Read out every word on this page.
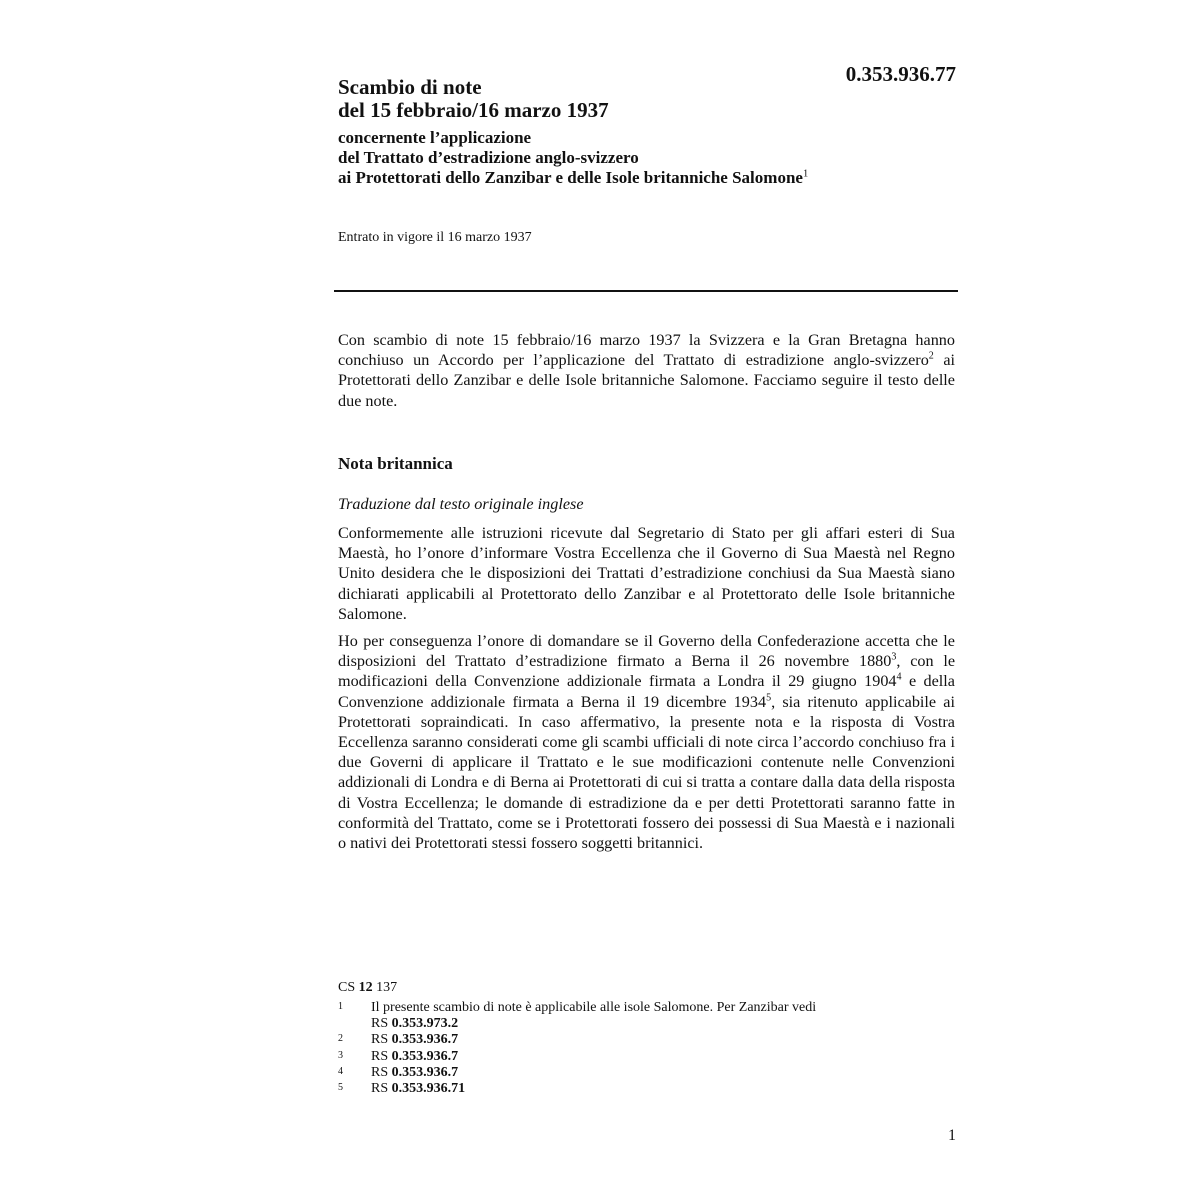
0.353.936.77
Scambio di note
del 15 febbraio/16 marzo 1937
concernente l’applicazione
del Trattato d’estradizione anglo-svizzero
ai Protettorati dello Zanzibar e delle Isole britanniche Salomone$^1$
Entrato in vigore il 16 marzo 1937

Con scambio di note 15 febbraio/16 marzo 1937 la Svizzera e la Gran Bretagna hanno conchiuso un Accordo per l’applicazione del Trattato di estradizione anglo-svizzero$^2$ ai Protettorati dello Zanzibar e delle Isole britanniche Salomone. Facciamo seguire il testo delle due note.

Nota britannica
Traduzione dal testo originale inglese

Conformemente alle istruzioni ricevute dal Segretario di Stato per gli affari esteri di Sua Maestà, ho l’onore d’informare Vostra Eccellenza che il Governo di Sua Maestà nel Regno Unito desidera che le disposizioni dei Trattati d’estradizione conchiusi da Sua Maestà siano dichiarati applicabili al Protettorato dello Zanzibar e al Protettorato delle Isole britanniche Salomone.

Ho per conseguenza l’onore di domandare se il Governo della Confederazione accetta che le disposizioni del Trattato d’estradizione firmato a Berna il 26 novembre 1880$^3$, con le modificazioni della Convenzione addizionale firmata a Londra il 29 giugno 1904$^4$ e della Convenzione addizionale firmata a Berna il 19 dicembre 1934$^5$, sia ritenuto applicabile ai Protettorati sopraindicati. In caso affermativo, la presente nota e la risposta di Vostra Eccellenza saranno considerati come gli scambi ufficiali di note circa l’accordo conchiuso fra i due Governi di applicare il Trattato e le sue modificazioni contenute nelle Convenzioni addizionali di Londra e di Berna ai Protettorati di cui si tratta a contare dalla data della risposta di Vostra Eccellenza; le domande di estradizione da e per detti Protettorati saranno fatte in conformità del Trattato, come se i Protettorati fossero dei possessi di Sua Maestà e i nazionali o nativi dei Protettorati stessi fossero soggetti britannici.

CS 12 137
1	Il presente scambio di note è applicabile alle isole Salomone. Per Zanzibar vedi
RS 0.353.973.2
2	RS 0.353.936.7
3	RS 0.353.936.7
4	RS 0.353.936.7
5	RS 0.353.936.71
1
